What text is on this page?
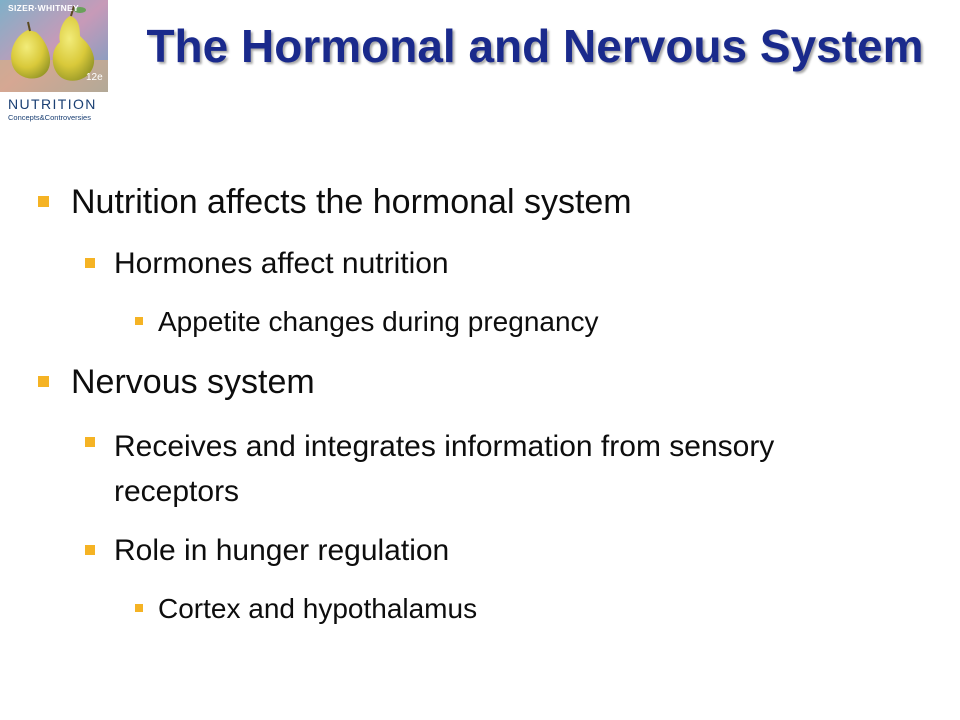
SIZER·WHITNEY
12e
NUTRITION
Concepts&Controversies
The Hormonal and Nervous System
Nutrition affects the hormonal system
Hormones affect nutrition
Appetite changes during pregnancy
Nervous system
Receives and integrates information from sensory receptors
Role in hunger regulation
Cortex and hypothalamus
